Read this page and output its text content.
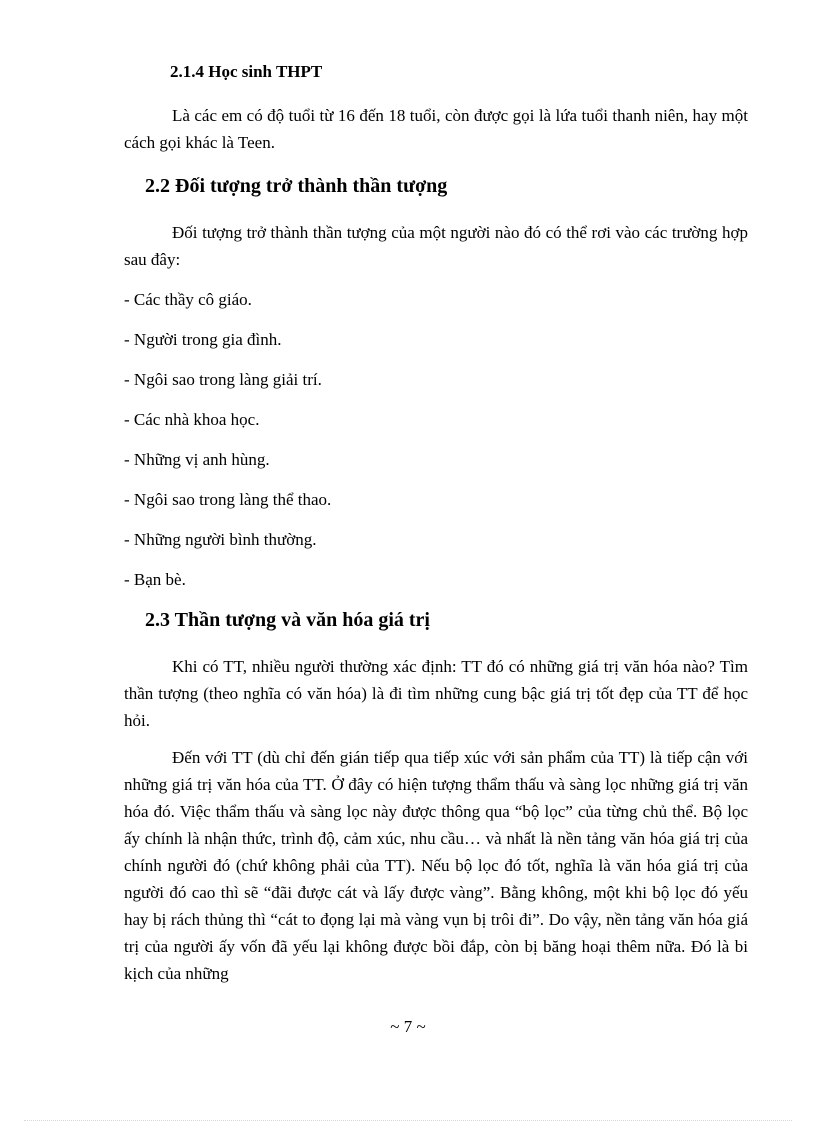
2.1.4 Học sinh THPT

Là các em có độ tuổi từ 16 đến 18 tuổi, còn được gọi là lứa tuổi thanh niên, hay một cách gọi khác là Teen.

2.2 Đối tượng trở thành thần tượng

Đối tượng trở thành thần tượng của một người nào đó có thể rơi vào các trường hợp sau đây:

- Các thầy cô giáo.
- Người trong gia đình.
- Ngôi sao trong làng giải trí.
- Các nhà khoa học.
- Những vị anh hùng.
- Ngôi sao trong làng thể thao.
- Những người bình thường.
- Bạn bè.
2.3 Thần tượng và văn hóa giá trị

Khi có TT, nhiều người thường xác định: TT đó có những giá trị văn hóa nào? Tìm thần tượng (theo nghĩa có văn hóa) là đi tìm những cung bậc giá trị tốt đẹp của TT để học hỏi.

Đến với TT (dù chỉ đến gián tiếp qua tiếp xúc với sản phẩm của TT) là tiếp cận với những giá trị văn hóa của TT. Ở đây có hiện tượng thẩm thấu và sàng lọc những giá trị văn hóa đó. Việc thẩm thấu và sàng lọc này được thông qua “bộ lọc” của từng chủ thể. Bộ lọc ấy chính là nhận thức, trình độ, cảm xúc, nhu cầu… và nhất là nền tảng văn hóa giá trị của chính người đó (chứ không phải của TT). Nếu bộ lọc đó tốt, nghĩa là văn hóa giá trị của người đó cao thì sẽ “đãi được cát và lấy được vàng”. Bằng không, một khi bộ lọc đó yếu hay bị rách thủng thì “cát to đọng lại mà vàng vụn bị trôi đi”. Do vậy, nền tảng văn hóa giá trị của người ấy vốn đã yếu lại không được bồi đắp, còn bị băng hoại thêm nữa. Đó là bi kịch của những

~ 7 ~
